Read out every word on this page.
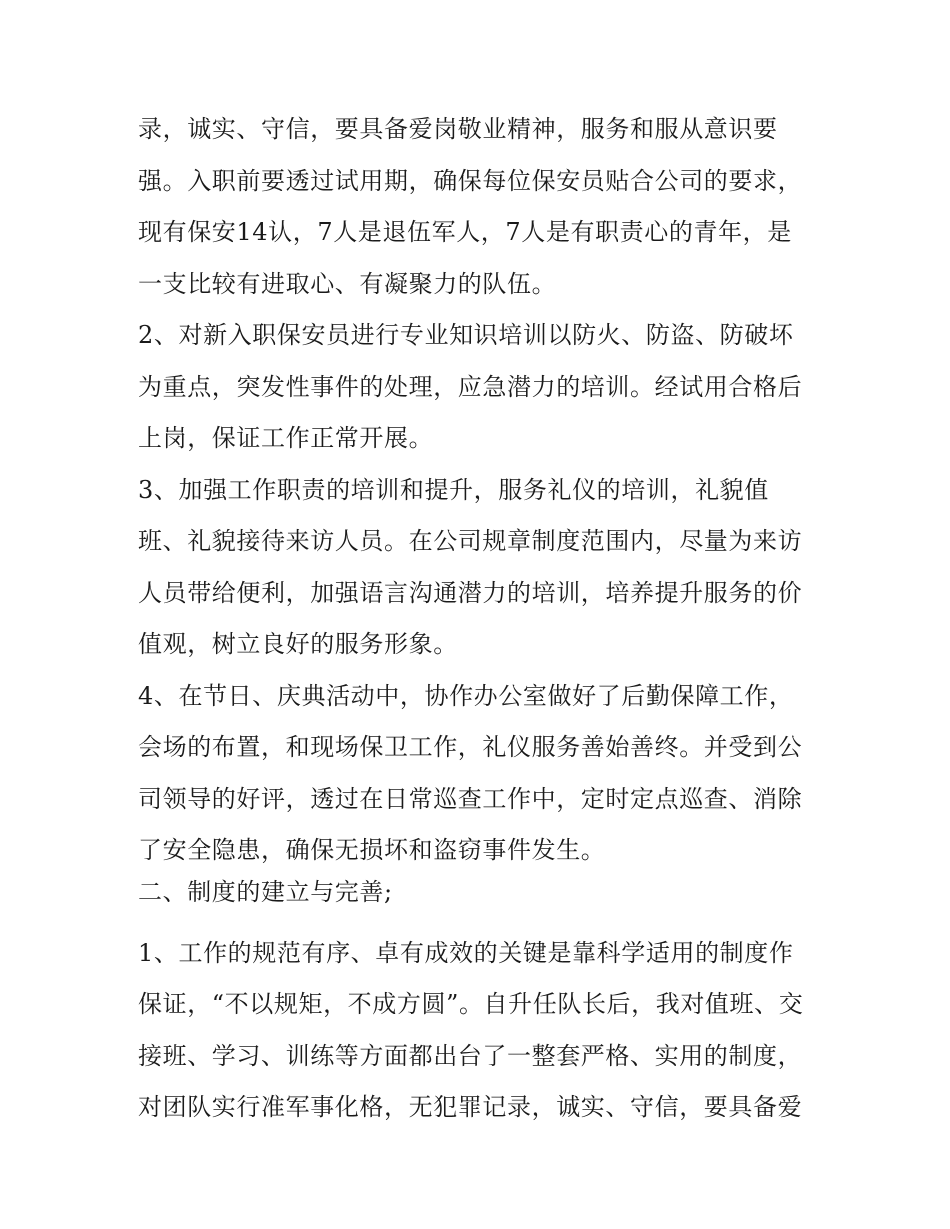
录，诚实、守信，要具备爱岗敬业精神，服务和服从意识要
强。入职前要透过试用期，确保每位保安员贴合公司的要求，
现有保安14认，7人是退伍军人，7人是有职责心的青年，是
一支比较有进取心、有凝聚力的队伍。
2、对新入职保安员进行专业知识培训以防火、防盗、防破坏
为重点，突发性事件的处理，应急潜力的培训。经试用合格后
上岗，保证工作正常开展。
3、加强工作职责的培训和提升，服务礼仪的培训，礼貌值
班、礼貌接待来访人员。在公司规章制度范围内，尽量为来访
人员带给便利，加强语言沟通潜力的培训，培养提升服务的价
值观，树立良好的服务形象。
4、在节日、庆典活动中，协作办公室做好了后勤保障工作，
会场的布置，和现场保卫工作，礼仪服务善始善终。并受到公
司领导的好评，透过在日常巡查工作中，定时定点巡查、消除
了安全隐患，确保无损坏和盗窃事件发生。
二、制度的建立与完善;
1、工作的规范有序、卓有成效的关键是靠科学适用的制度作
保证，“不以规矩，不成方圆”。自升任队长后，我对值班、交
接班、学习、训练等方面都出台了一整套严格、实用的制度，
对团队实行准军事化格，无犯罪记录，诚实、守信，要具备爱
